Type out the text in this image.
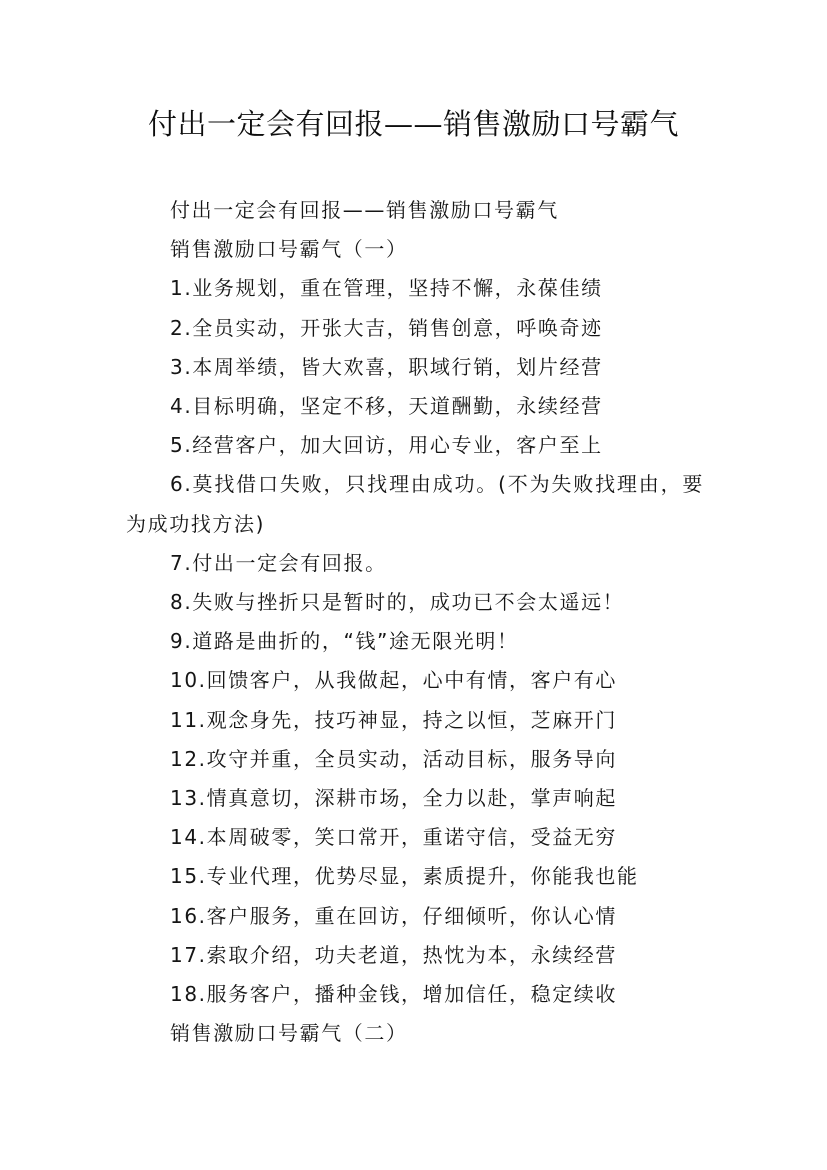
付出一定会有回报——销售激励口号霸气

付出一定会有回报——销售激励口号霸气

销售激励口号霸气（一）

1.业务规划，重在管理，坚持不懈，永葆佳绩

2.全员实动，开张大吉，销售创意，呼唤奇迹

3.本周举绩，皆大欢喜，职域行销，划片经营

4.目标明确，坚定不移，天道酬勤，永续经营

5.经营客户，加大回访，用心专业，客户至上

6.莫找借口失败，只找理由成功。(不为失败找理由，要为成功找方法)

7.付出一定会有回报。

8.失败与挫折只是暂时的，成功已不会太遥远！

9.道路是曲折的，“钱”途无限光明！

10.回馈客户，从我做起，心中有情，客户有心

11.观念身先，技巧神显，持之以恒，芝麻开门

12.攻守并重，全员实动，活动目标，服务导向

13.情真意切，深耕市场，全力以赴，掌声响起

14.本周破零，笑口常开，重诺守信，受益无穷

15.专业代理，优势尽显，素质提升，你能我也能

16.客户服务，重在回访，仔细倾听，你认心情

17.索取介绍，功夫老道，热忱为本，永续经营

18.服务客户，播种金钱，增加信任，稳定续收

销售激励口号霸气（二）
